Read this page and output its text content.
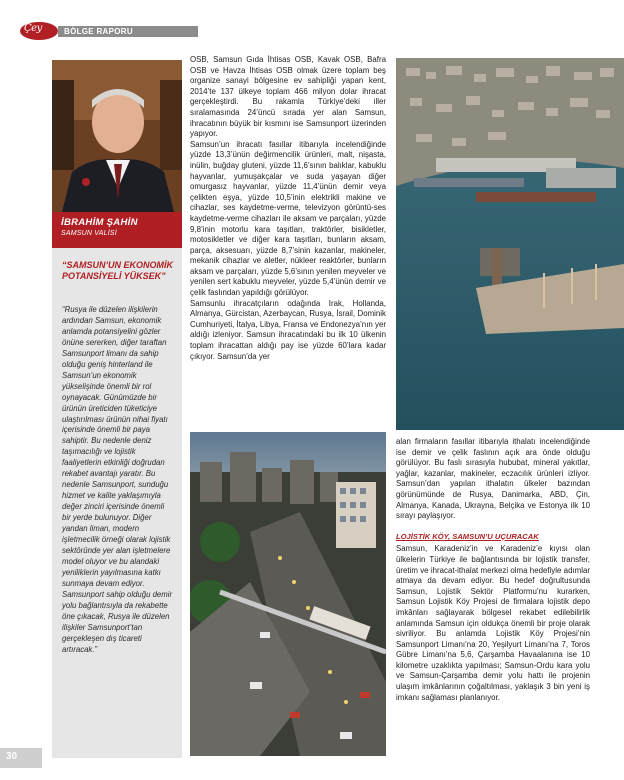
Çey	BÖLGE RAPORU
İBRAHİM ŞAHİN
SAMSUN VALİSİ
“SAMSUN’UN EKONOMİK POTANSİYELİ YÜKSEK”
“Rusya ile düzelen ilişkilerin ardından Samsun, ekonomik anlamda potansiyelini gözler önüne sererken, diğer taraftan Samsunport limanı da sahip olduğu geniş hinterland ile Samsun’un ekonomik yükselişinde önemli bir rol oynayacak. Günümüzde bir ürünün üreticiden tüketiciye ulaştırılması ürünün nihai fiyatı içerisinde önemli bir paya sahiptir. Bu nedenle deniz taşımacılığı ve lojistik faaliyetlerin etkinliği doğrudan rekabet avantajı yaratır. Bu nedenle Samsunport, sunduğu hizmet ve kalite yaklaşımıyla değer zinciri içerisinde önemli bir yerde bulunuyor. Diğer yandan liman, modern işletmecilik örneği olarak lojistik sektöründe yer alan işletmelere model oluyor ve bu alandaki yeniliklerin yayılmasına katkı sunmaya devam ediyor. Samsunport sahip olduğu demir yolu bağlantısıyla da rekabette öne çıkacak, Rusya ile düzelen ilişkiler Samsunport’tan gerçekleşen dış ticareti artıracak.”

OSB, Samsun Gıda İhtisas OSB, Kavak OSB, Bafra OSB ve Havza İhtisas OSB olmak üzere toplam beş organize sanayi bölgesine ev sahipliği yapan kent, 2014’te 137 ülkeye toplam 466 milyon dolar ihracat gerçekleştirdi. Bu rakamla Türkiye’deki iller sıralamasında 24’üncü sırada yer alan Samsun, ihracatının büyük bir kısmını ise Samsunport üzerinden yapıyor.

Samsun’un ihracatı fasıllar itibarıyla incelendiğinde yüzde 13,3’ünün değirmencilik ürünleri, malt, nişasta, inülin, buğday gluteni, yüzde 11,6’sının balıklar, kabuklu hayvanlar, yumuşakçalar ve suda yaşayan diğer omurgasız hayvanlar, yüzde 11,4’ünün demir veya çelikten eşya, yüzde 10,5’inin elektrikli makine ve cihazlar, ses kaydetme-verme, televizyon görüntü-ses kaydetme-verme cihazları ile aksam ve parçaları, yüzde 9,8’inin motorlu kara taşıtları, traktörler, bisikletler, motosikletler ve diğer kara taşıtları, bunların aksam, parça, aksesuarı, yüzde 8,7’sinin kazanlar, makineler, mekanik cihazlar ve aletler, nükleer reaktörler, bunların aksam ve parçaları, yüzde 5,6’sının yenilen meyveler ve yenilen sert kabuklu meyveler, yüzde 5,4’ünün demir ve çelik faslından yapıldığı görülüyor.

Samsunlu ihracatçıların odağında Irak, Hollanda, Almanya, Gürcistan, Azerbaycan, Rusya, İsrail, Dominik Cumhuriyeti, İtalya, Libya, Fransa ve Endonezya’nın yer aldığı izleniyor. Samsun ihracatındaki bu ilk 10 ülkenin toplam ihracattan aldığı pay ise yüzde 60’lara kadar çıkıyor. Samsun’da yer

alan firmaların fasıllar itibarıyla ithalatı incelendiğinde ise demir ve çelik faslının açık ara önde olduğu görülüyor. Bu faslı sırasıyla hububat, mineral yakıtlar, yağlar, kazanlar, makineler, eczacılık ürünleri izliyor. Samsun’dan yapılan ithalatın ülkeler bazından görünümünde de Rusya, Danimarka, ABD, Çin, Almanya, Kanada, Ukrayna, Belçika ve Estonya ilk 10 sırayı paylaşıyor.

LOJİSTİK KÖY, SAMSUN’U UÇURACAK

Samsun, Karadeniz’in ve Karadeniz’e kıyısı olan ülkelerin Türkiye ile bağlantısında bir lojistik transfer, üretim ve ihracat-ithalat merkezi olma hedefiyle adımlar atmaya da devam ediyor. Bu hedef doğrultusunda Samsun, Lojistik Sektör Platformu’nu kurarken, Samsun Lojistik Köy Projesi de firmalara lojistik depo imkânları sağlayarak bölgesel rekabet edilebilirlik anlamında Samsun için oldukça önemli bir proje olarak sivriliyor. Bu anlamda Lojistik Köy Projesi’nin Samsunport Limanı’na 20, Yeşilyurt Limanı’na 7, Toros Gübre Limanı’na 5,6, Çarşamba Havaalanına ise 10 kilometre uzaklıkta yapılması; Samsun-Ordu kara yolu ve Samsun-Çarşamba demir yolu hattı ile projenin ulaşım imkânlarının çoğaltılması, yaklaşık 3 bin yeni iş imkanı sağlaması planlanıyor.

30
